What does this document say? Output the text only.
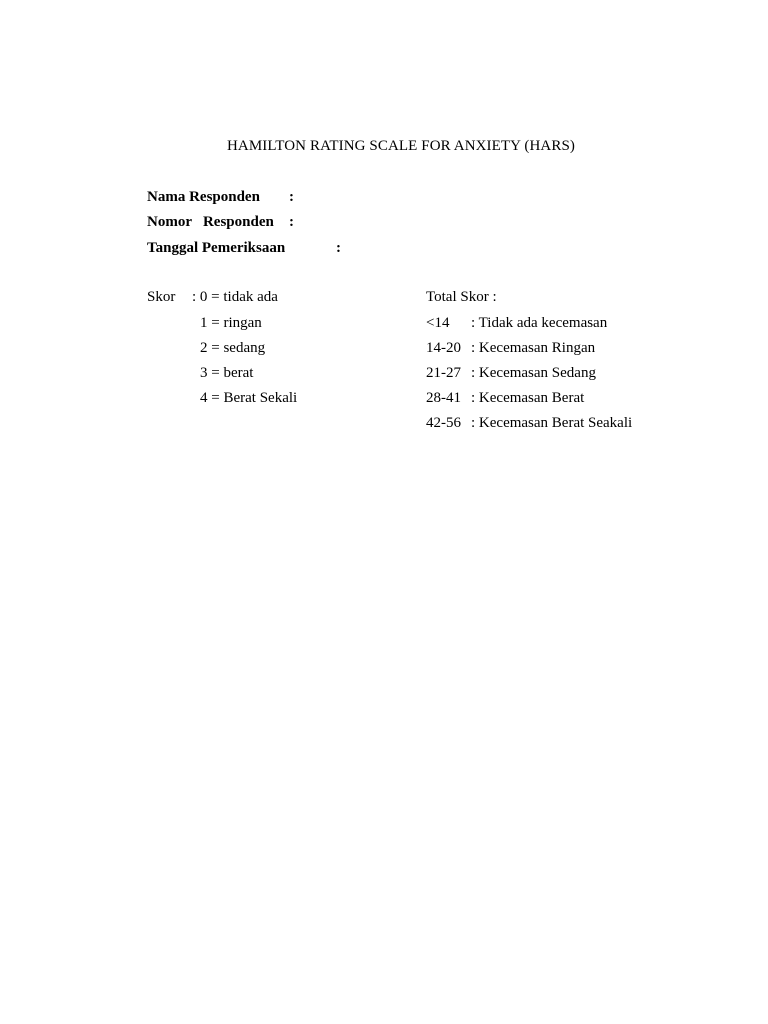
HAMILTON RATING SCALE FOR ANXIETY (HARS)
Nama Responden :
Nomor   Responden :
Tanggal Pemeriksaan	:
Skor : 0 = tidak ada
1 = ringan
2 = sedang
3 = berat
4 = Berat Sekali
Total Skor :
<14 : Tidak ada kecemasan
14-20 : Kecemasan Ringan
21-27 : Kecemasan Sedang
28-41 : Kecemasan Berat
42-56 : Kecemasan Berat Seakali
